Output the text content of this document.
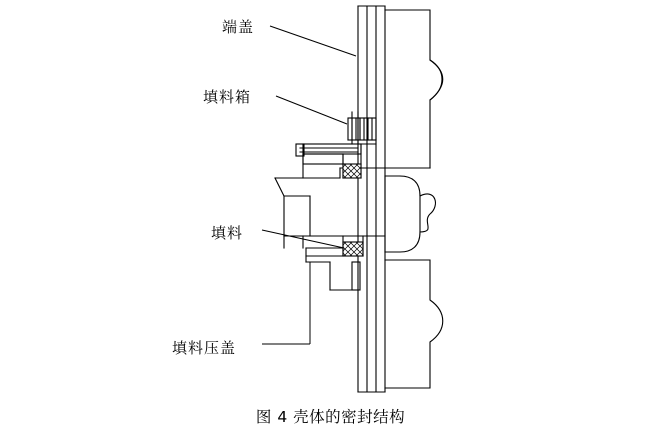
端盖
填料箱
填料
填料压盖
图 4 壳体的密封结构
